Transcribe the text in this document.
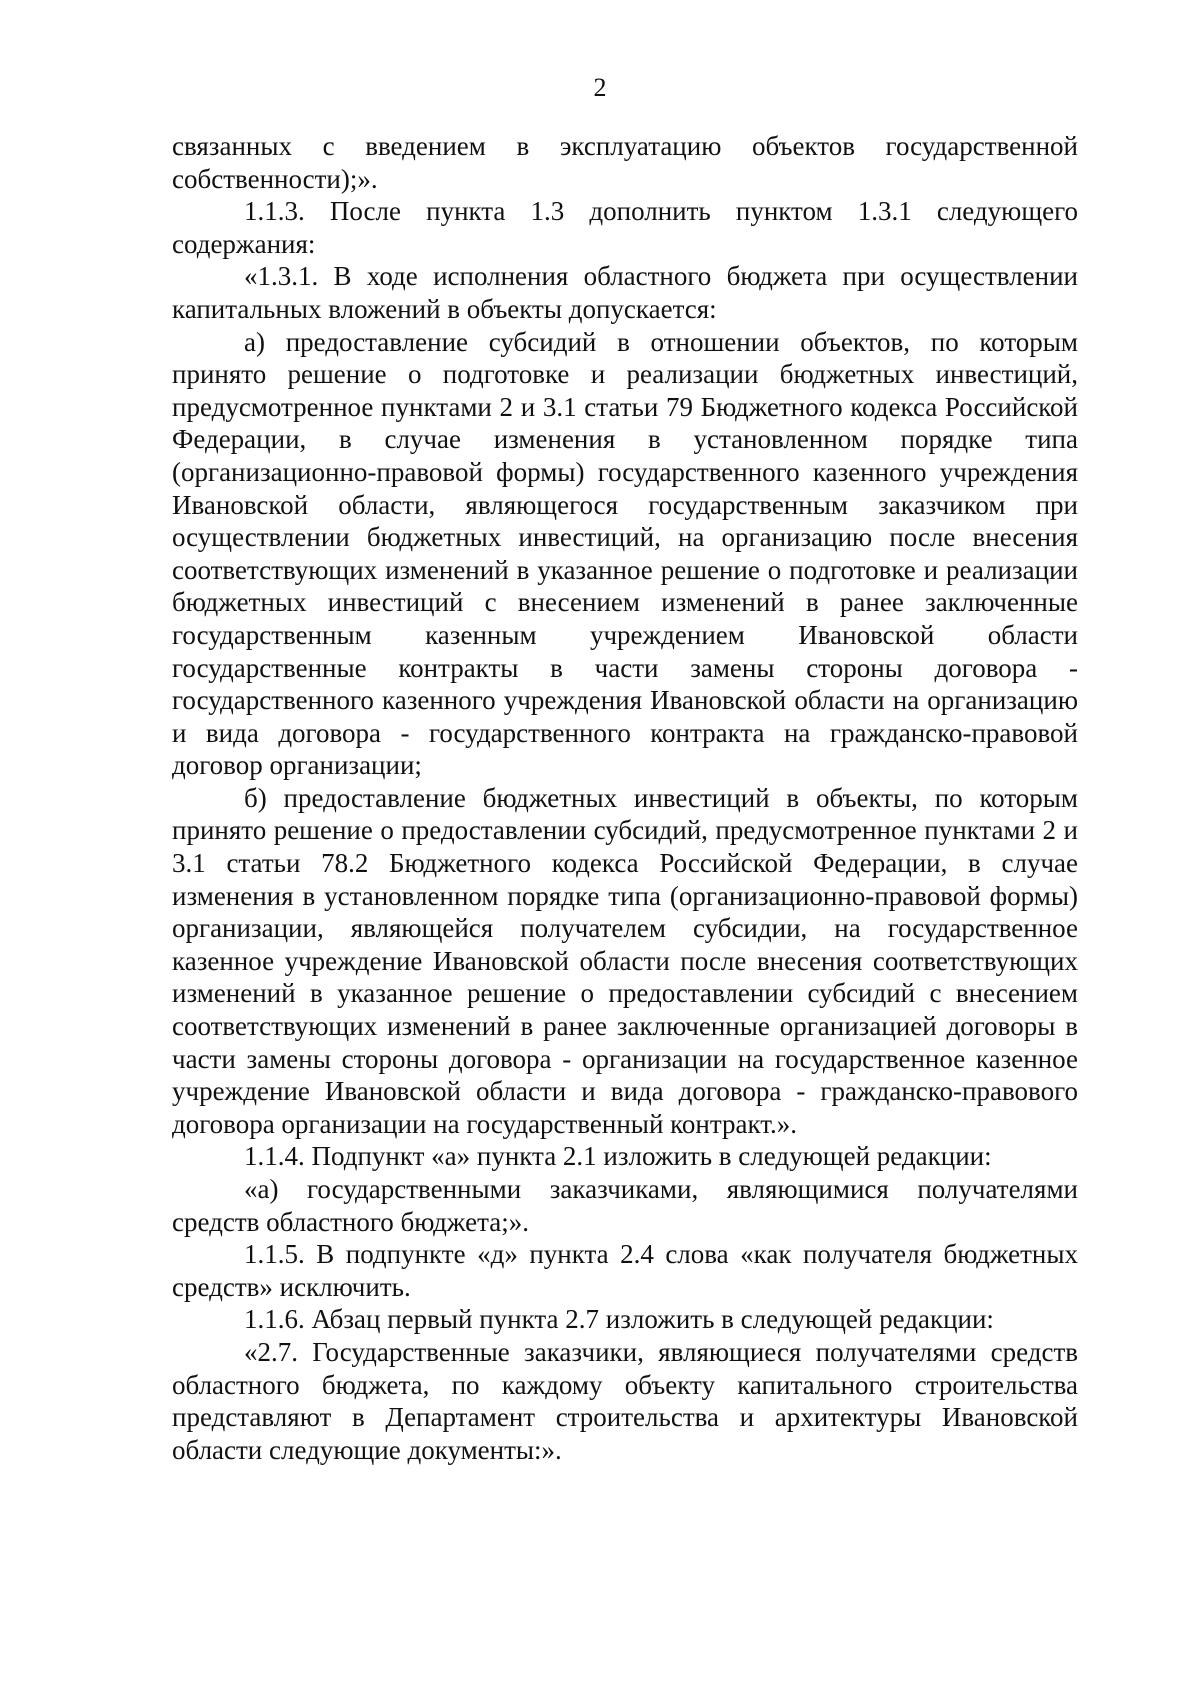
2

связанных с введением в эксплуатацию объектов государственной собственности);».

1.1.3. После пункта 1.3 дополнить пунктом 1.3.1 следующего содержания:

«1.3.1. В ходе исполнения областного бюджета при осуществлении капитальных вложений в объекты допускается:

а) предоставление субсидий в отношении объектов, по которым принято решение о подготовке и реализации бюджетных инвестиций, предусмотренное пунктами 2 и 3.1 статьи 79 Бюджетного кодекса Российской Федерации, в случае изменения в установленном порядке типа (организационно-правовой формы) государственного казенного учреждения Ивановской области, являющегося государственным заказчиком при осуществлении бюджетных инвестиций, на организацию после внесения соответствующих изменений в указанное решение о подготовке и реализации бюджетных инвестиций с внесением изменений в ранее заключенные государственным казенным учреждением Ивановской области государственные контракты в части замены стороны договора - государственного казенного учреждения Ивановской области на организацию и вида договора - государственного контракта на гражданско-правовой договор организации;

б) предоставление бюджетных инвестиций в объекты, по которым принято решение о предоставлении субсидий, предусмотренное пунктами 2 и 3.1 статьи 78.2 Бюджетного кодекса Российской Федерации, в случае изменения в установленном порядке типа (организационно-правовой формы) организации, являющейся получателем субсидии, на государственное казенное учреждение Ивановской области после внесения соответствующих изменений в указанное решение о предоставлении субсидий с внесением соответствующих изменений в ранее заключенные организацией договоры в части замены стороны договора - организации на государственное казенное учреждение Ивановской области и вида договора - гражданско-правового договора организации на государственный контракт.».

1.1.4. Подпункт «а» пункта 2.1 изложить в следующей редакции:

«а) государственными заказчиками, являющимися получателями средств областного бюджета;».

1.1.5. В подпункте «д» пункта 2.4 слова «как получателя бюджетных средств» исключить.

1.1.6. Абзац первый пункта 2.7 изложить в следующей редакции:

«2.7. Государственные заказчики, являющиеся получателями средств областного бюджета, по каждому объекту капитального строительства представляют в Департамент строительства и архитектуры Ивановской области следующие документы:».
